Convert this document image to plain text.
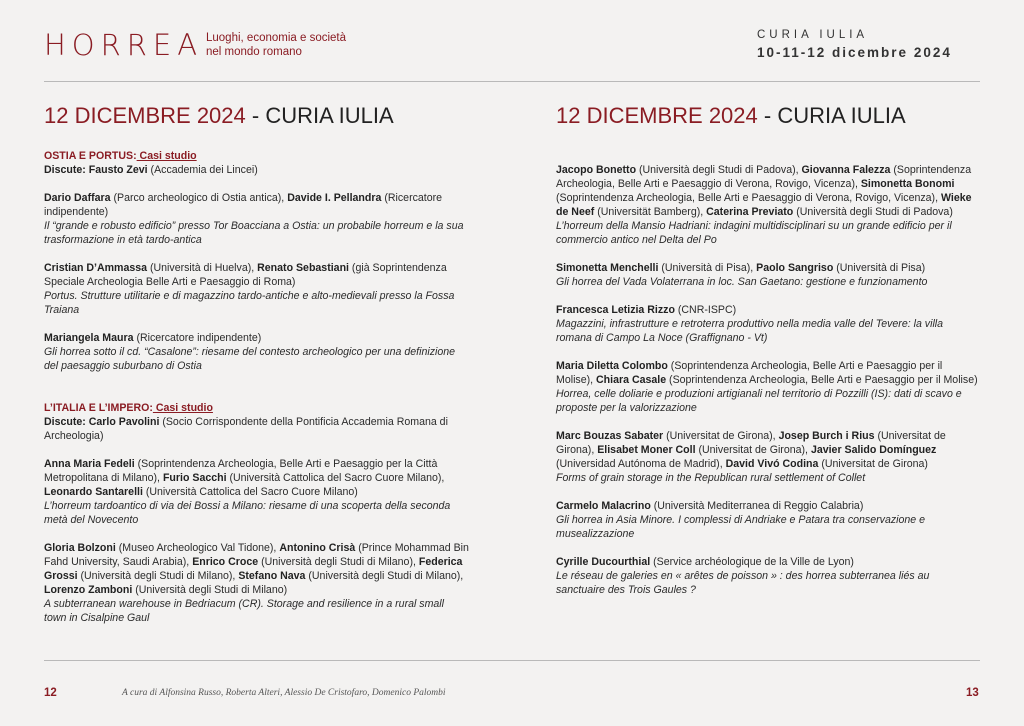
HORREA Luoghi, economia e società
nel mondo romano
CURIA IULIA
10-11-12 dicembre 2024
12 DICEMBRE 2024 - CURIA IULIA

OSTIA E PORTUS: Casi studio

Discute: Fausto Zevi (Accademia dei Lincei)

Dario Daffara (Parco archeologico di Ostia antica), Davide I. Pellandra (Ricercatore indipendente)

Il “grande e robusto edificio” presso Tor Boacciana a Ostia: un probabile horreum e la sua trasformazione in età tardo-antica

Cristian D’Ammassa (Università di Huelva), Renato Sebastiani (già Soprintendenza Speciale Archeologia Belle Arti e Paesaggio di Roma)

Portus. Strutture utilitarie e di magazzino tardo-antiche e alto-medievali presso la Fossa Traiana

Mariangela Maura (Ricercatore indipendente)

Gli horrea sotto il cd. “Casalone”: riesame del contesto archeologico per una definizione del paesaggio suburbano di Ostia

L’ITALIA E L’IMPERO: Casi studio

Discute: Carlo Pavolini (Socio Corrispondente della Pontificia Accademia Romana di Archeologia)

Anna Maria Fedeli (Soprintendenza Archeologia, Belle Arti e Paesaggio per la Città Metropolitana di Milano), Furio Sacchi (Università Cattolica del Sacro Cuore Milano), Leonardo Santarelli (Università Cattolica del Sacro Cuore Milano)

L’horreum tardoantico di via dei Bossi a Milano: riesame di una scoperta della seconda metà del Novecento

Gloria Bolzoni (Museo Archeologico Val Tidone), Antonino Crisà (Prince Mohammad Bin Fahd University, Saudi Arabia), Enrico Croce (Università degli Studi di Milano), Federica Grossi (Università degli Studi di Milano), Stefano Nava (Università degli Studi di Milano), Lorenzo Zamboni (Università degli Studi di Milano)

A subterranean warehouse in Bedriacum (CR). Storage and resilience in a rural small town in Cisalpine Gaul

12 DICEMBRE 2024 - CURIA IULIA

Jacopo Bonetto (Università degli Studi di Padova), Giovanna Falezza (Soprintendenza Archeologia, Belle Arti e Paesaggio di Verona, Rovigo, Vicenza), Simonetta Bonomi (Soprintendenza Archeologia, Belle Arti e Paesaggio di Verona, Rovigo, Vicenza), Wieke de Neef (Universität Bamberg), Caterina Previato (Università degli Studi di Padova)

L’horreum della Mansio Hadriani: indagini multidisciplinari su un grande edificio per il commercio antico nel Delta del Po

Simonetta Menchelli (Università di Pisa), Paolo Sangriso (Università di Pisa)

Gli horrea del Vada Volaterrana in loc. San Gaetano: gestione e funzionamento

Francesca Letizia Rizzo (CNR-ISPC)

Magazzini, infrastrutture e retroterra produttivo nella media valle del Tevere: la villa romana di Campo La Noce (Graffignano - Vt)

Maria Diletta Colombo (Soprintendenza Archeologia, Belle Arti e Paesaggio per il Molise), Chiara Casale (Soprintendenza Archeologia, Belle Arti e Paesaggio per il Molise)

Horrea, celle doliarie e produzioni artigianali nel territorio di Pozzilli (IS): dati di scavo e proposte per la valorizzazione

Marc Bouzas Sabater (Universitat de Girona), Josep Burch i Rius (Universitat de Girona), Elisabet Moner Coll (Universitat de Girona), Javier Salido Domínguez (Universidad Autónoma de Madrid), David Vivó Codina (Universitat de Girona)

Forms of grain storage in the Republican rural settlement of Collet

Carmelo Malacrino (Università Mediterranea di Reggio Calabria)

Gli horrea in Asia Minore. I complessi di Andriake e Patara tra conservazione e musealizzazione

Cyrille Ducourthial (Service archéologique de la Ville de Lyon)

Le réseau de galeries en « arêtes de poisson » : des horrea subterranea liés au sanctuaire des Trois Gaules ?

12	A cura di Alfonsina Russo, Roberta Alteri, Alessio De Cristofaro, Domenico Palombi	13
